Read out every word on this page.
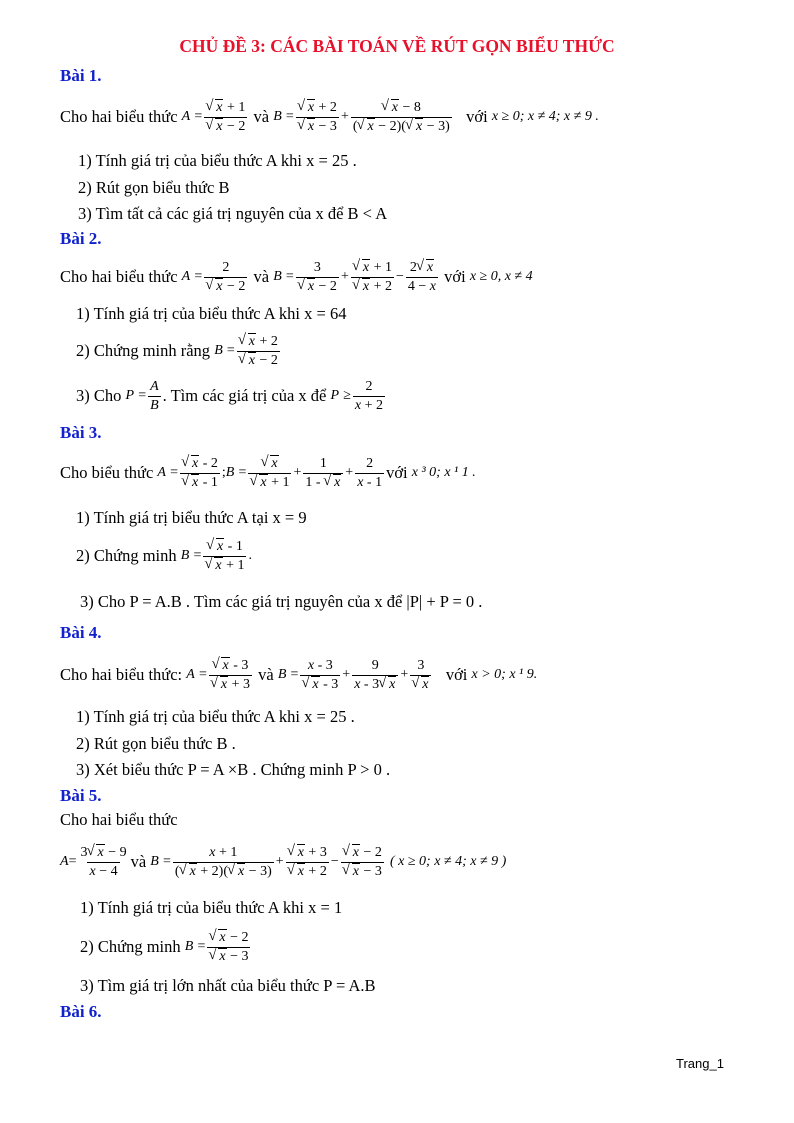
CHỦ ĐỀ 3: CÁC BÀI TOÁN VỀ RÚT GỌN BIỂU THỨC
Bài 1.
Cho hai biểu thức
A
= √ x + 1
√ x − 2
và
B
= √ x + 2
√ x − 3 + √ $\frac{x - 8}{( √ x - 2)( √ x - 3)}$
với
x ≥ 0; x ≠ 4; x ≠ 9 .
1) Tính giá trị của biểu thức A khi x = 25 .
2) Rút gọn biểu thức B
3) Tìm tất cả các giá trị nguyên của x để B < A
Bài 2.
Cho hai biểu thức
A
= 2
√ x − 2
và
B
= 3
√ x − 2 + √ x + 1
√ $x + 2 - \frac{2 √ x}{4 - x}$
với
x ≥ 0, x ≠ 4
1) Tính giá trị của biểu thức A khi x = 64
2) Chứng minh rằng
B
= √ x + 2
√ x − 2
3) Cho
P
= $\frac{A}{B}$ . Tìm các giá trị của x để
P
≥ $\frac{2}{x + 2}$
Bài 3.
Cho biểu thức
A
= √ x - 2
√ x - 1 ; B
= √ x
√ $x + 1 + \frac{1}{1 - √ x} + \frac{2}{x - 1}$ với
x ³ 0; x ¹ 1 .
1) Tính giá trị biểu thức A tại x = 9
2) Chứng minh
B
= √ x - 1
√ x + 1 .
3) Cho P = A.B . Tìm các giá trị nguyên của x để |P| + P = 0 .
Bài 4.
Cho hai biểu thức:
A
= √ x - 3
√ x + 3
và
B
= x - 3
√ $x - 3 + \frac{9}{x - 3 √ x} + 3$
√ x
với
x > 0; x ¹ 9.
1) Tính giá trị của biểu thức A khi x = 25 .
2) Rút gọn biểu thức B .
3) Xét biểu thức P = A ×B . Chứng minh P > 0 .
Bài 5.
Cho hai biểu thức
$A = \frac{3 √ x - 9}{x - 4}$ và
B
= $\frac{x + 1}{( √ x + 2)( √ x - 3)}$ + √ x + 3
√ x + 2 − √ x − 2
√ x − 3
( x ≥ 0; x ≠ 4; x ≠ 9 )
1) Tính giá trị của biểu thức A khi x = 1
2) Chứng minh
B
= √ x − 2
√ x − 3
3) Tìm giá trị lớn nhất của biểu thức P = A.B
Bài 6.
Trang_1
